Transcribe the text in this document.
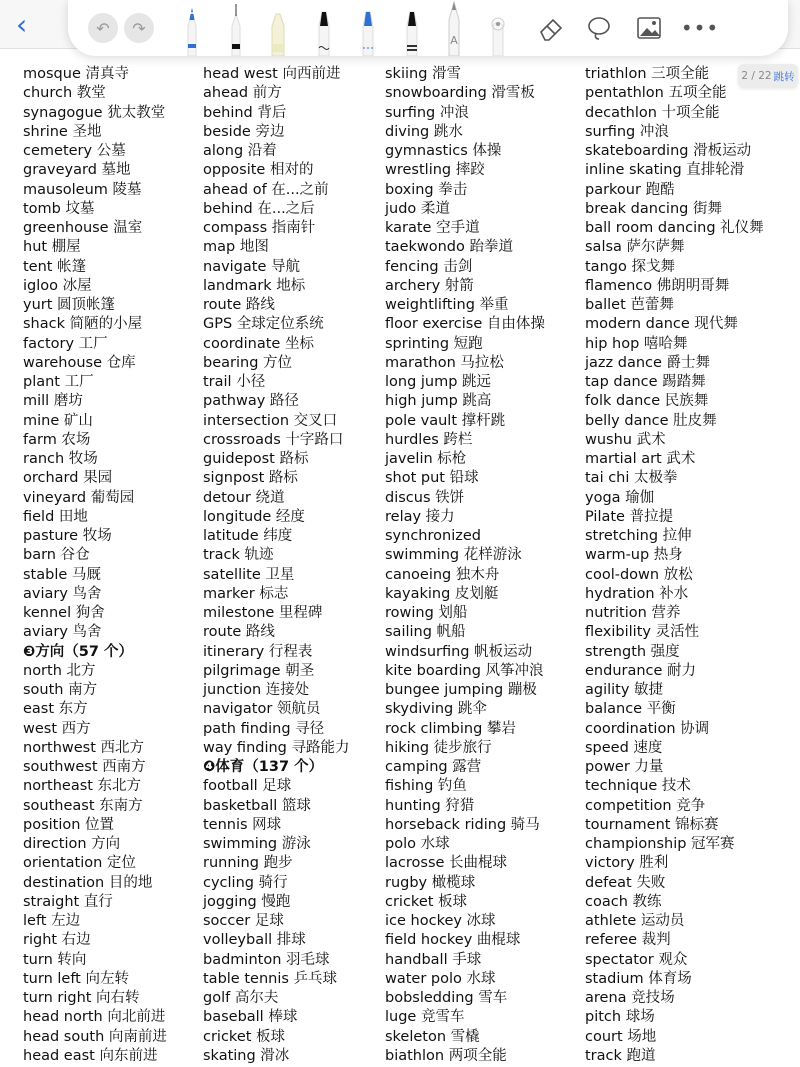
‹	↶	↷
A
•••
mosque 清真寺
church 教堂
synagogue 犹太教堂
shrine 圣地
cemetery 公墓
graveyard 墓地
mausoleum 陵墓
tomb 坟墓
greenhouse 温室
hut 棚屋
tent 帐篷
igloo 冰屋
yurt 圆顶帐篷
shack 简陋的小屋
factory 工厂
warehouse 仓库
plant 工厂
mill 磨坊
mine 矿山
farm 农场
ranch 牧场
orchard 果园
vineyard 葡萄园
field 田地
pasture 牧场
barn 谷仓
stable 马厩
aviary 鸟舍
kennel 狗舍
aviary 鸟舍
❸方向（57 个）
north 北方
south 南方
east 东方
west 西方
northwest 西北方
southwest 西南方
northeast 东北方
southeast 东南方
position 位置
direction 方向
orientation 定位
destination 目的地
straight 直行
left 左边
right 右边
turn 转向
turn left 向左转
turn right 向右转
head north 向北前进
head south 向南前进
head east 向东前进
head west 向西前进
ahead 前方
behind 背后
beside 旁边
along 沿着
opposite 相对的
ahead of 在...之前
behind 在...之后
compass 指南针
map 地图
navigate 导航
landmark 地标
route 路线
GPS 全球定位系统
coordinate 坐标
bearing 方位
trail 小径
pathway 路径
intersection 交叉口
crossroads 十字路口
guidepost 路标
signpost 路标
detour 绕道
longitude 经度
latitude 纬度
track 轨迹
satellite 卫星
marker 标志
milestone 里程碑
route 路线
itinerary 行程表
pilgrimage 朝圣
junction 连接处
navigator 领航员
path finding 寻径
way finding 寻路能力
❹体育（137 个）
football 足球
basketball 篮球
tennis 网球
swimming 游泳
running 跑步
cycling 骑行
jogging 慢跑
soccer 足球
volleyball 排球
badminton 羽毛球
table tennis 乒乓球
golf 高尔夫
baseball 棒球
cricket 板球
skating 滑冰
skiing 滑雪
snowboarding 滑雪板
surfing 冲浪
diving 跳水
gymnastics 体操
wrestling 摔跤
boxing 拳击
judo 柔道
karate 空手道
taekwondo 跆拳道
fencing 击剑
archery 射箭
weightlifting 举重
floor exercise 自由体操
sprinting 短跑
marathon 马拉松
long jump 跳远
high jump 跳高
pole vault 撑杆跳
hurdles 跨栏
javelin 标枪
shot put 铅球
discus 铁饼
relay 接力
synchronized
swimming 花样游泳
canoeing 独木舟
kayaking 皮划艇
rowing 划船
sailing 帆船
windsurfing 帆板运动
kite boarding 风筝冲浪
bungee jumping 蹦极
skydiving 跳伞
rock climbing 攀岩
hiking 徒步旅行
camping 露营
fishing 钓鱼
hunting 狩猎
horseback riding 骑马
polo 水球
lacrosse 长曲棍球
rugby 橄榄球
cricket 板球
ice hockey 冰球
field hockey 曲棍球
handball 手球
water polo 水球
bobsledding 雪车
luge 竞雪车
skeleton 雪橇
biathlon 两项全能
triathlon 三项全能
pentathlon 五项全能
decathlon 十项全能
surfing 冲浪
skateboarding 滑板运动
inline skating 直排轮滑
parkour 跑酷
break dancing 街舞
ball room dancing 礼仪舞
salsa 萨尔萨舞
tango 探戈舞
flamenco 佛朗明哥舞
ballet 芭蕾舞
modern dance 现代舞
hip hop 嘻哈舞
jazz dance 爵士舞
tap dance 踢踏舞
folk dance 民族舞
belly dance 肚皮舞
wushu 武术
martial art 武术
tai chi 太极拳
yoga 瑜伽
Pilate 普拉提
stretching 拉伸
warm-up 热身
cool-down 放松
hydration 补水
nutrition 营养
flexibility 灵活性
strength 强度
endurance 耐力
agility 敏捷
balance 平衡
coordination 协调
speed 速度
power 力量
technique 技术
competition 竞争
tournament 锦标赛
championship 冠军赛
victory 胜利
defeat 失败
coach 教练
athlete 运动员
referee 裁判
spectator 观众
stadium 体育场
arena 竞技场
pitch 球场
court 场地
track 跑道
2 / 22 跳转
